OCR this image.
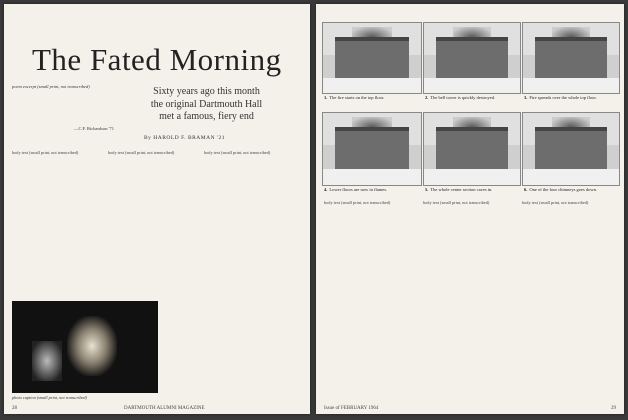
The Fated Morning
poem excerpt (small print, not transcribed)
—C.F. Richardson '71
Sixty years ago this month
the original Dartmouth Hall
met a famous, fiery end
By HAROLD F. BRAMAN '21
body text (small print, not transcribed)	body text (small print, not transcribed)	body text (small print, not transcribed)
photo caption (small print, not transcribed)
28	DARTMOUTH ALUMNI MAGAZINE
1. The fire starts on the top floor.	2. The bell tower is quickly destroyed.	3. Fire spreads over the whole top floor.
4. Lower floors are now in flames.	5. The whole center section caves in.	6. One of the four chimneys goes down.
body text (small print, not transcribed)	body text (small print, not transcribed)	body text (small print, not transcribed)
Issue of FEBRUARY 1964	29
